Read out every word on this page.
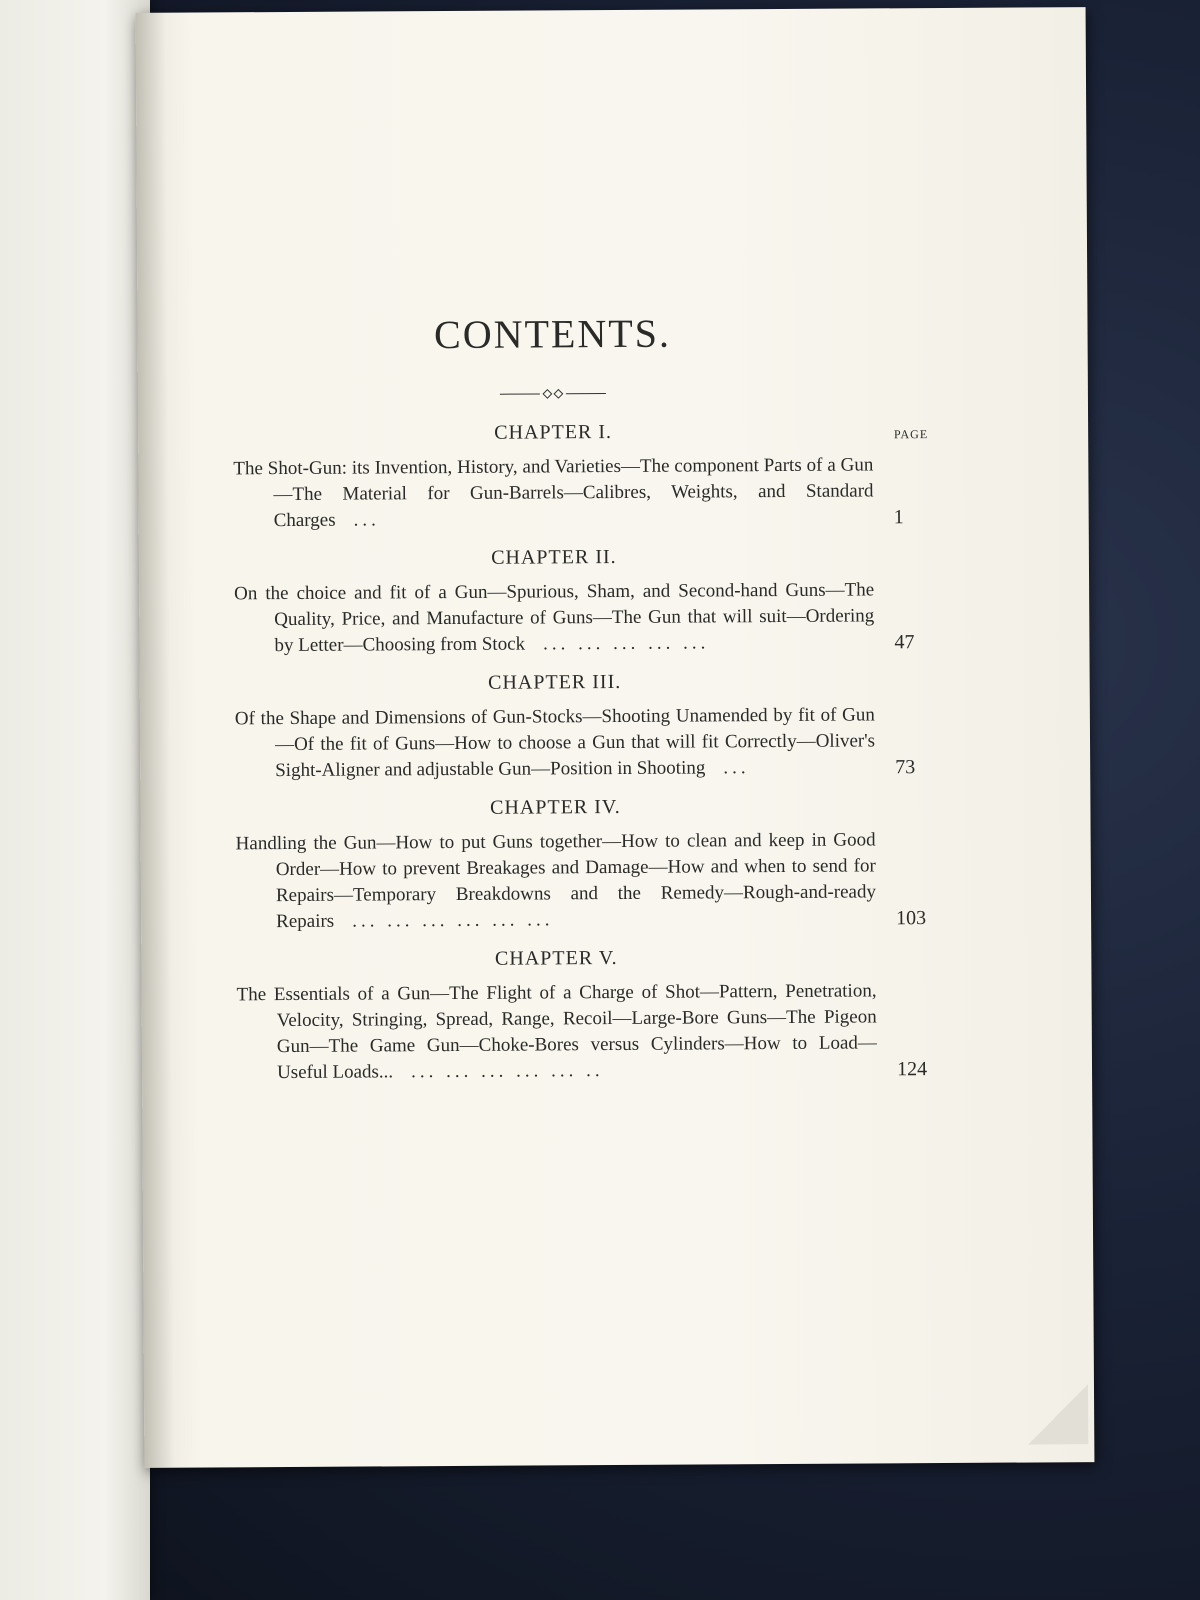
CONTENTS.
CHAPTER I.	PAGE
The Shot-Gun: its Invention, History, and Varieties—The component Parts of a Gun—The Material for Gun-Barrels—Calibres, Weights, and Standard Charges ...	1
CHAPTER II.
On the choice and fit of a Gun—Spurious, Sham, and Second-hand Guns—The Quality, Price, and Manufacture of Guns—The Gun that will suit—Ordering by Letter—Choosing from Stock ... ... ... ... ...	47
CHAPTER III.
Of the Shape and Dimensions of Gun-Stocks—Shooting Unamended by fit of Gun—Of the fit of Guns—How to choose a Gun that will fit Correctly—Oliver's Sight-Aligner and adjustable Gun—Position in Shooting ...	73
CHAPTER IV.
Handling the Gun—How to put Guns together—How to clean and keep in Good Order—How to prevent Breakages and Damage—How and when to send for Repairs—Temporary Breakdowns and the Remedy—Rough-and-ready Repairs ... ... ... ... ... ...	103
CHAPTER V.
The Essentials of a Gun—The Flight of a Charge of Shot—Pattern, Penetration, Velocity, Stringing, Spread, Range, Recoil—Large-Bore Guns—The Pigeon Gun—The Game Gun—Choke-Bores versus Cylinders—How to Load—Useful Loads... ... ... ... ... ... ..	124
